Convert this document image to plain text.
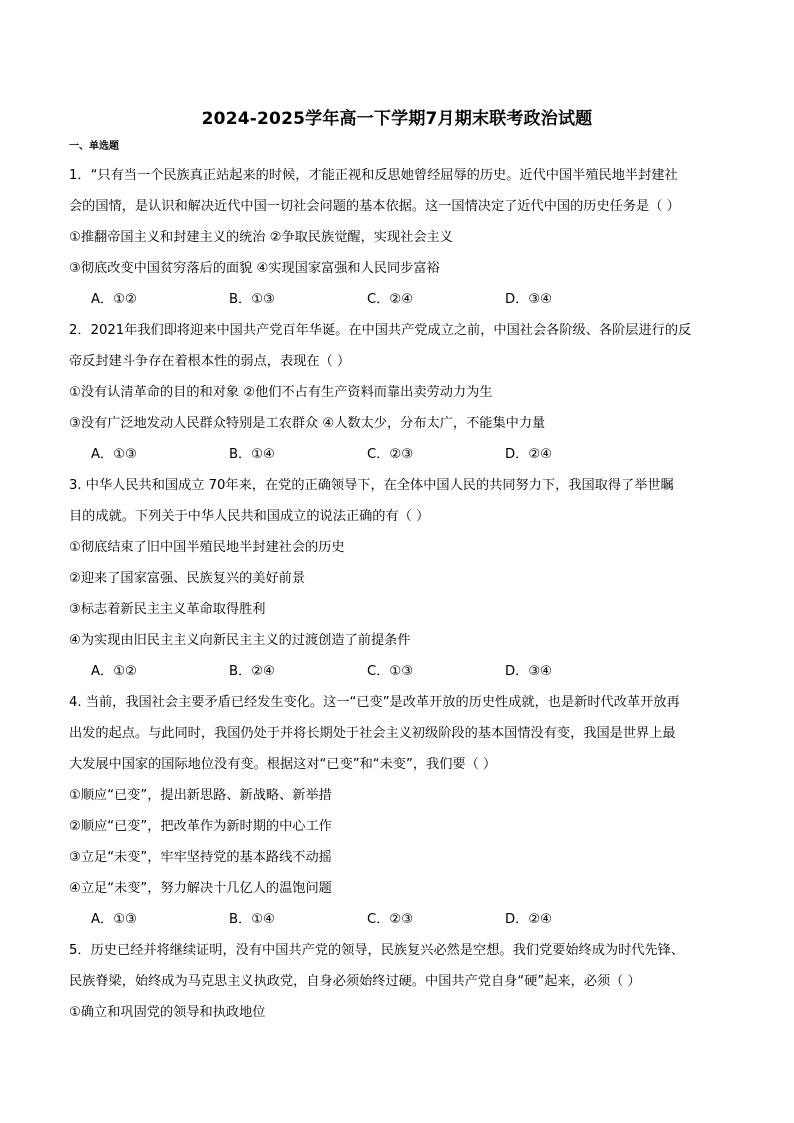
2024-2025学年高一下学期7月期末联考政治试题
一、单选题
1．“只有当一个民族真正站起来的时候，才能正视和反思她曾经屈辱的历史。近代中国半殖民地半封建社
会的国情，是认识和解决近代中国一切社会问题的基本依据。这一国情决定了近代中国的历史任务是（ ）
①推翻帝国主义和封建主义的统治 ②争取民族觉醒，实现社会主义
③彻底改变中国贫穷落后的面貌 ④实现国家富强和人民同步富裕
A．①②	B．①③	C．②④	D．③④
2．2021年我们即将迎来中国共产党百年华诞。在中国共产党成立之前，中国社会各阶级、各阶层进行的反
帝反封建斗争存在着根本性的弱点，表现在（ ）
①没有认清革命的目的和对象 ②他们不占有生产资料而靠出卖劳动力为生
③没有广泛地发动人民群众特别是工农群众 ④人数太少，分布太广，不能集中力量
A．①③	B．①④	C．②③	D．②④
3. 中华人民共和国成立 70年来，在党的正确领导下，在全体中国人民的共同努力下，我国取得了举世瞩
目的成就。下列关于中华人民共和国成立的说法正确的有（ ）
①彻底结束了旧中国半殖民地半封建社会的历史
②迎来了国家富强、民族复兴的美好前景
③标志着新民主主义革命取得胜利
④为实现由旧民主主义向新民主主义的过渡创造了前提条件
A．①②	B．②④	C．①③	D．③④
4. 当前，我国社会主要矛盾已经发生变化。这一“已变”是改革开放的历史性成就，也是新时代改革开放再
出发的起点。与此同时，我国仍处于并将长期处于社会主义初级阶段的基本国情没有变，我国是世界上最
大发展中国家的国际地位没有变。根据这对“已变”和“未变”，我们要（ ）
①顺应“已变”，提出新思路、新战略、新举措
②顺应“已变”，把改革作为新时期的中心工作
③立足“未变”，牢牢坚持党的基本路线不动摇
④立足“未变”，努力解决十几亿人的温饱问题
A．①③	B．①④	C．②③	D．②④
5．历史已经并将继续证明，没有中国共产党的领导，民族复兴必然是空想。我们党要始终成为时代先锋、
民族脊梁，始终成为马克思主义执政党，自身必须始终过硬。中国共产党自身“硬”起来，必须（ ）
①确立和巩固党的领导和执政地位
